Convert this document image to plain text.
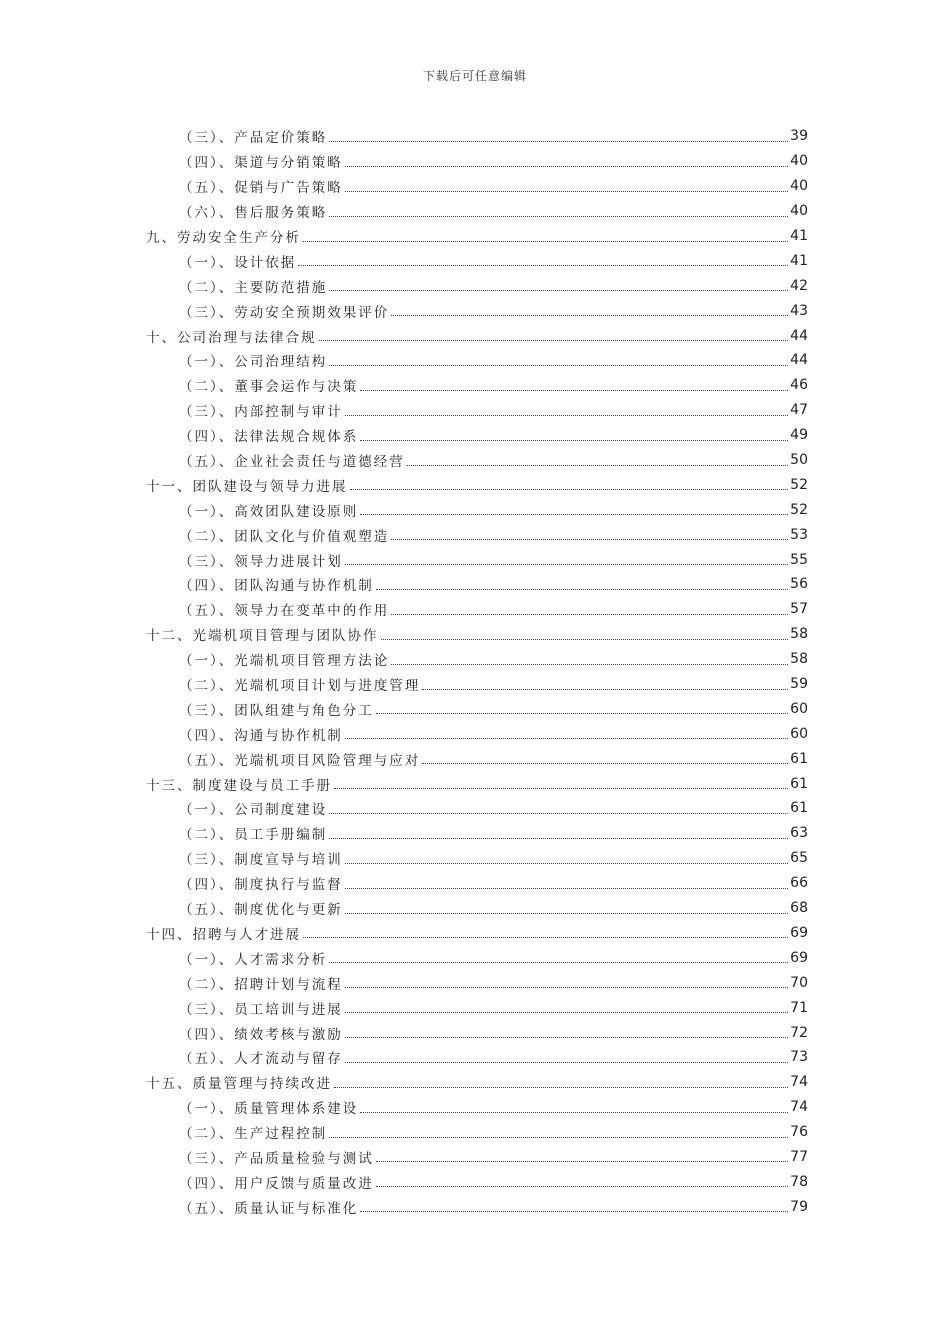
下载后可任意编辑
（三）、产品定价策略	39
（四）、渠道与分销策略	40
（五）、促销与广告策略	40
（六）、售后服务策略	40
九、劳动安全生产分析	41
（一）、设计依据	41
（二）、主要防范措施	42
（三）、劳动安全预期效果评价	43
十、公司治理与法律合规	44
（一）、公司治理结构	44
（二）、董事会运作与决策	46
（三）、内部控制与审计	47
（四）、法律法规合规体系	49
（五）、企业社会责任与道德经营	50
十一、团队建设与领导力进展	52
（一）、高效团队建设原则	52
（二）、团队文化与价值观塑造	53
（三）、领导力进展计划	55
（四）、团队沟通与协作机制	56
（五）、领导力在变革中的作用	57
十二、光端机项目管理与团队协作	58
（一）、光端机项目管理方法论	58
（二）、光端机项目计划与进度管理	59
（三）、团队组建与角色分工	60
（四）、沟通与协作机制	60
（五）、光端机项目风险管理与应对	61
十三、制度建设与员工手册	61
（一）、公司制度建设	61
（二）、员工手册编制	63
（三）、制度宣导与培训	65
（四）、制度执行与监督	66
（五）、制度优化与更新	68
十四、招聘与人才进展	69
（一）、人才需求分析	69
（二）、招聘计划与流程	70
（三）、员工培训与进展	71
（四）、绩效考核与激励	72
（五）、人才流动与留存	73
十五、质量管理与持续改进	74
（一）、质量管理体系建设	74
（二）、生产过程控制	76
（三）、产品质量检验与测试	77
（四）、用户反馈与质量改进	78
（五）、质量认证与标准化	79
